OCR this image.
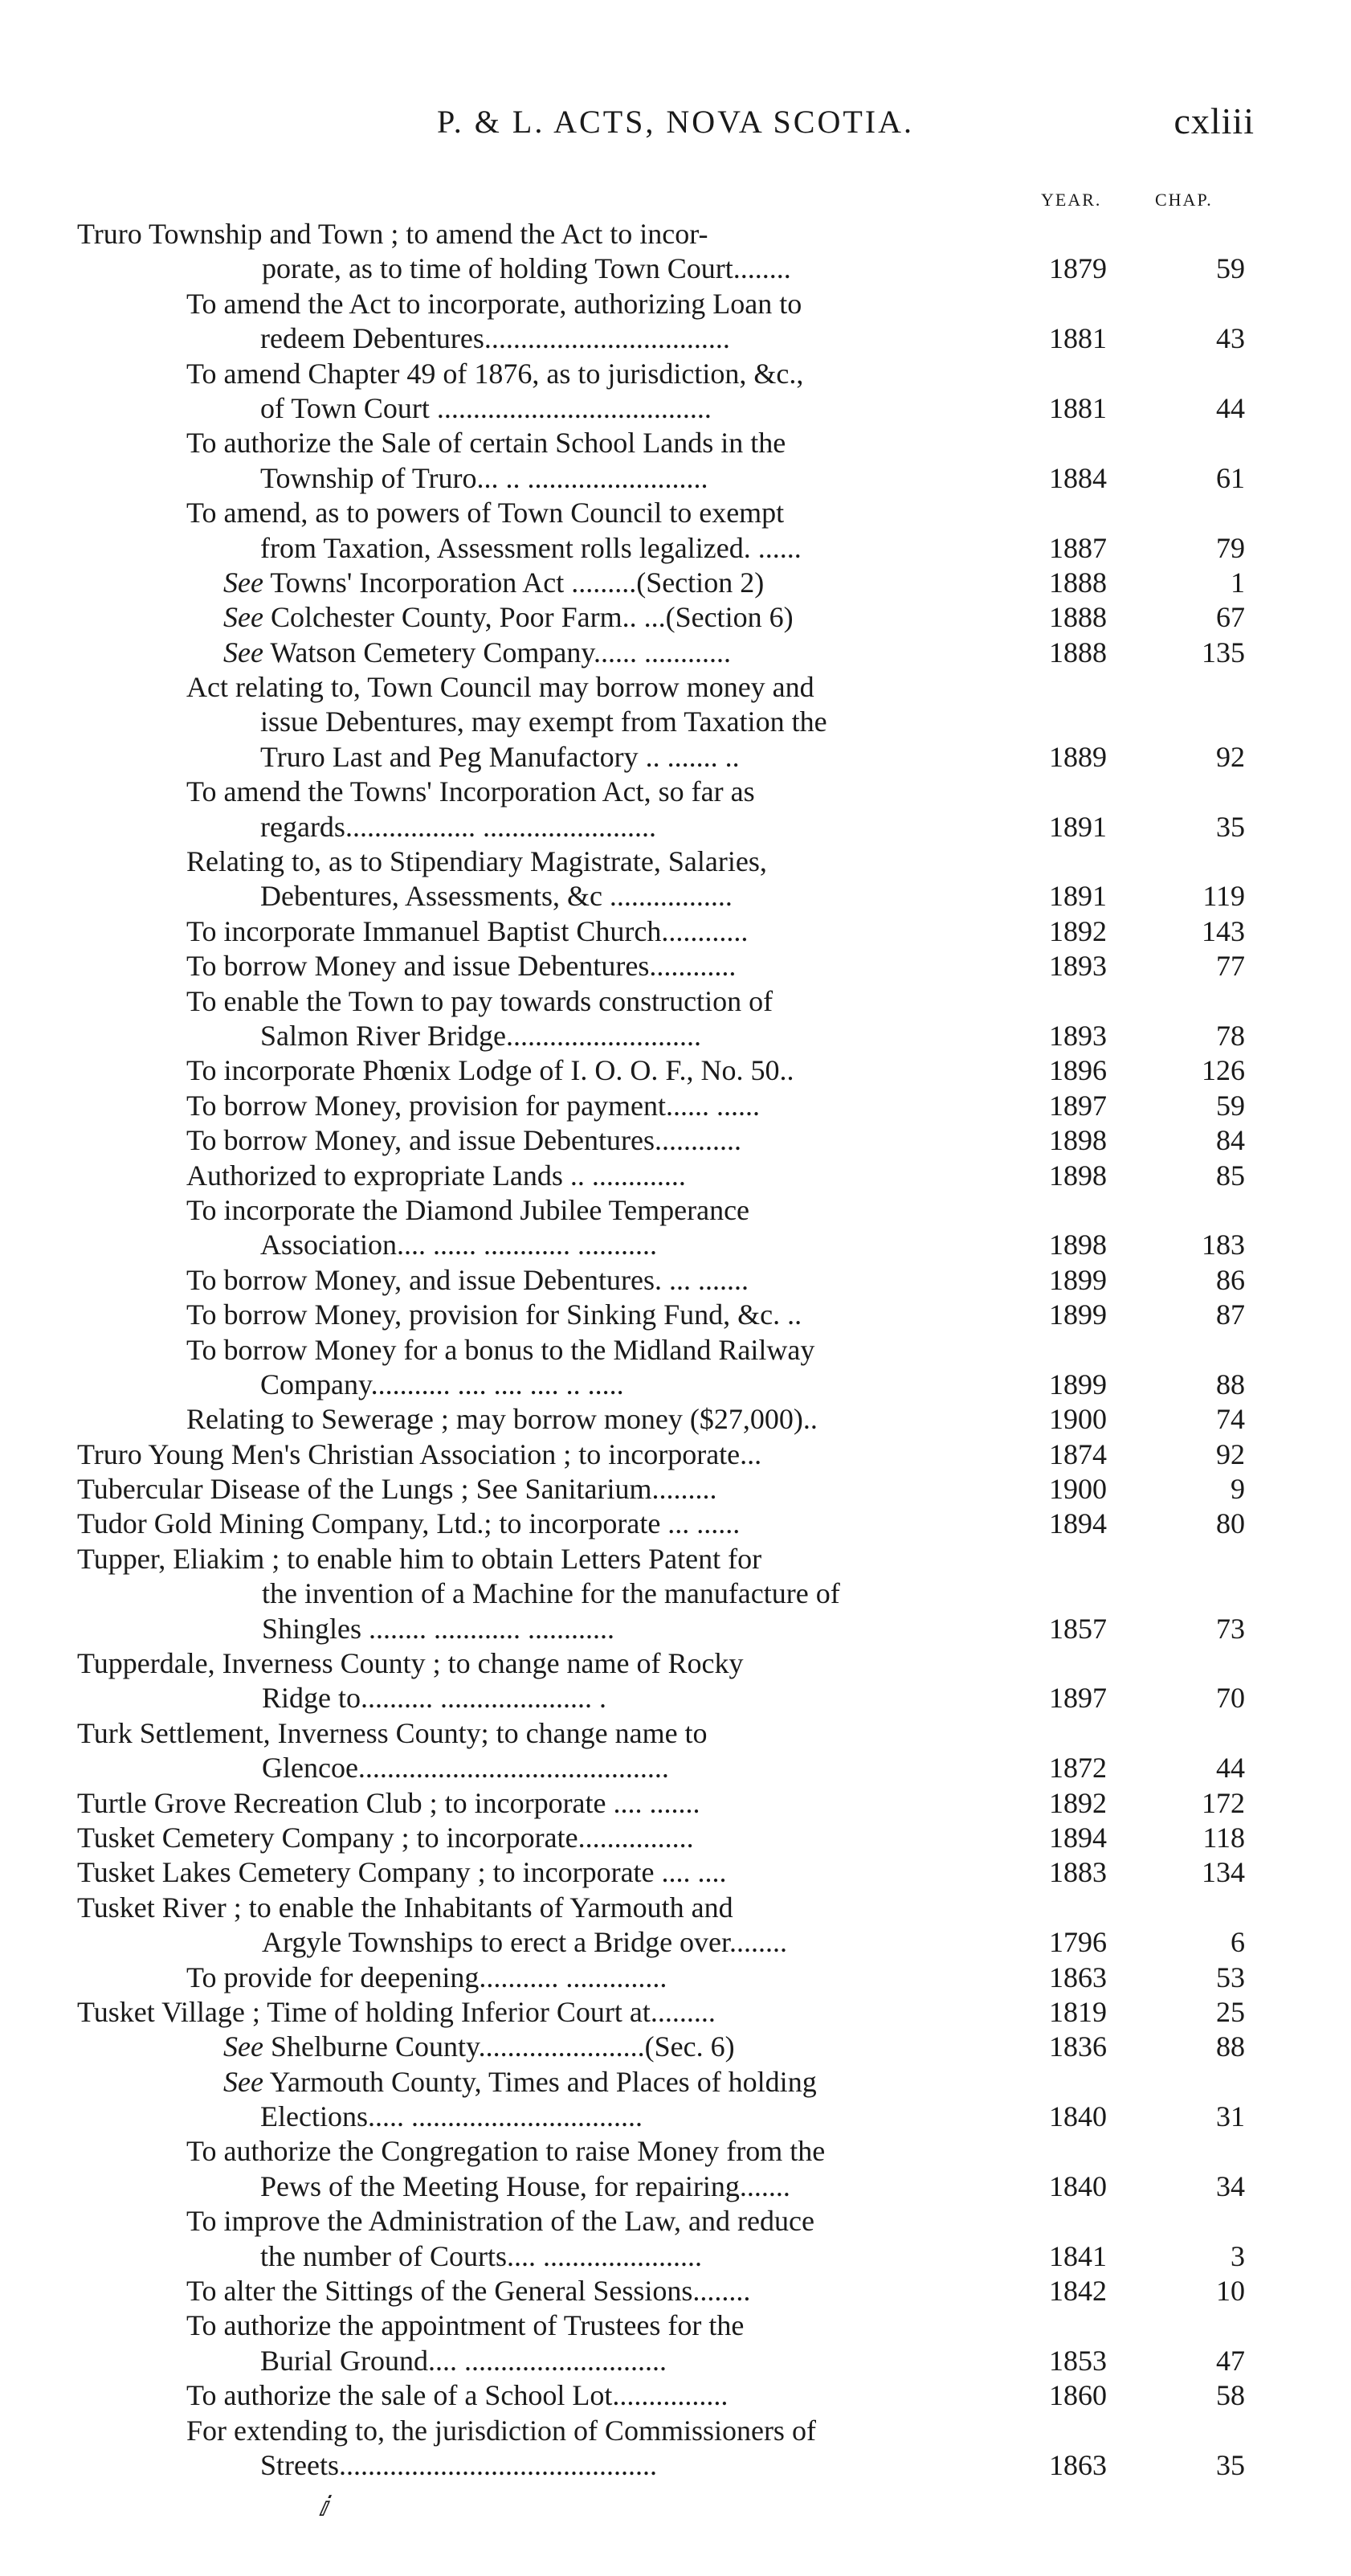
P. & L. ACTS, NOVA SCOTIA.	cxliii
YEAR.	CHAP.
Truro Township and Town ; to amend the Act to incor-
porate, as to time of holding Town Court........	1879	59
To amend the Act to incorporate, authorizing Loan to
redeem Debentures..................................	1881	43
To amend Chapter 49 of 1876, as to jurisdiction, &c.,
of Town Court ......................................	1881	44
To authorize the Sale of certain School Lands in the
Township of Truro... .. .........................	1884	61
To amend, as to powers of Town Council to exempt
from Taxation, Assessment rolls legalized. ......	1887	79
See Towns' Incorporation Act .........(Section 2)	1888	1
See Colchester County, Poor Farm.. ...(Section 6)	1888	67
See Watson Cemetery Company...... ............	1888	135
Act relating to, Town Council may borrow money and
issue Debentures, may exempt from Taxation the
Truro Last and Peg Manufactory .. ....... ..	1889	92
To amend the Towns' Incorporation Act, so far as
regards.................. ........................	1891	35
Relating to, as to Stipendiary Magistrate, Salaries,
Debentures, Assessments, &c .................	1891	119
To incorporate Immanuel Baptist Church............	1892	143
To borrow Money and issue Debentures............	1893	77
To enable the Town to pay towards construction of
Salmon River Bridge...........................	1893	78
To incorporate Phœnix Lodge of I. O. O. F., No. 50..	1896	126
To borrow Money, provision for payment...... ......	1897	59
To borrow Money, and issue Debentures............	1898	84
Authorized to expropriate Lands .. .............	1898	85
To incorporate the Diamond Jubilee Temperance
Association.... ...... ............ ...........	1898	183
To borrow Money, and issue Debentures. ... .......	1899	86
To borrow Money, provision for Sinking Fund, &c. ..	1899	87
To borrow Money for a bonus to the Midland Railway
Company........... .... .... .... .. .....	1899	88
Relating to Sewerage ; may borrow money ($27,000)..	1900	74
Truro Young Men's Christian Association ; to incorporate...	1874	92
Tubercular Disease of the Lungs ; See Sanitarium.........	1900	9
Tudor Gold Mining Company, Ltd.; to incorporate ... ......	1894	80
Tupper, Eliakim ; to enable him to obtain Letters Patent for
the invention of a Machine for the manufacture of
Shingles ........ ............ ............	1857	73
Tupperdale, Inverness County ; to change name of Rocky
Ridge to.......... ..................... .	1897	70
Turk Settlement, Inverness County; to change name to
Glencoe...........................................	1872	44
Turtle Grove Recreation Club ; to incorporate .... .......	1892	172
Tusket Cemetery Company ; to incorporate................	1894	118
Tusket Lakes Cemetery Company ; to incorporate .... ....	1883	134
Tusket River ; to enable the Inhabitants of Yarmouth and
Argyle Townships to erect a Bridge over........	1796	6
To provide for deepening........... ..............	1863	53
Tusket Village ; Time of holding Inferior Court at.........	1819	25
See Shelburne County.......................(Sec. 6)	1836	88
See Yarmouth County, Times and Places of holding
Elections..... ................................	1840	31
To authorize the Congregation to raise Money from the
Pews of the Meeting House, for repairing.......	1840	34
To improve the Administration of the Law, and reduce
the number of Courts.... ......................	1841	3
To alter the Sittings of the General Sessions........	1842	10
To authorize the appointment of Trustees for the
Burial Ground.... ............................	1853	47
To authorize the sale of a School Lot................	1860	58
For extending to, the jurisdiction of Commissioners of
Streets............................................	1863	35
ⅈ
